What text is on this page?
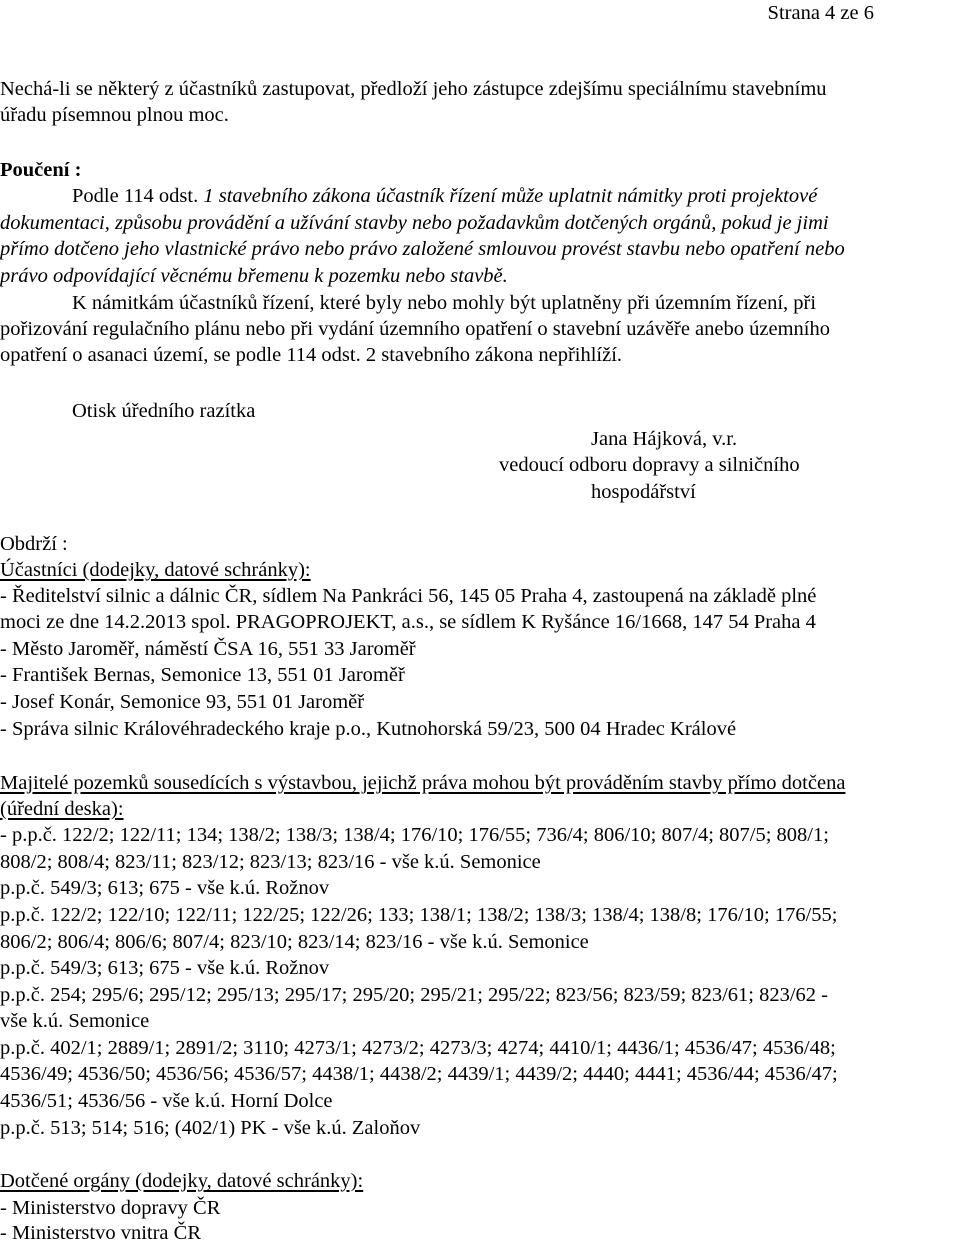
Strana 4 ze 6
Nechá-li se některý z účastníků zastupovat, předloží jeho zástupce zdejšímu speciálnímu stavebnímu
úřadu písemnou plnou moc.
Poučení :
Podle 114 odst. 1 stavebního zákona účastník řízení může uplatnit námitky proti projektové
dokumentaci, způsobu provádění a užívání stavby nebo požadavkům dotčených orgánů, pokud je jimi
přímo dotčeno jeho vlastnické právo nebo právo založené smlouvou provést stavbu nebo opatření nebo
právo odpovídající věcnému břemenu k pozemku nebo stavbě.
K námitkám účastníků řízení, které byly nebo mohly být uplatněny při územním řízení, při
pořizování regulačního plánu nebo při vydání územního opatření o stavební uzávěře anebo územního
opatření o asanaci území, se podle 114 odst. 2 stavebního zákona nepřihlíží.
Otisk úředního razítka
Jana Hájková, v.r.
vedoucí odboru dopravy a silničního
hospodářství
Obdrží :
Účastníci (dodejky, datové schránky):
- Ředitelství silnic a dálnic ČR, sídlem Na Pankráci 56, 145 05 Praha 4, zastoupená na základě plné
moci ze dne 14.2.2013 spol. PRAGOPROJEKT, a.s., se sídlem K Ryšánce 16/1668, 147 54 Praha 4
- Město Jaroměř, náměstí ČSA 16, 551 33 Jaroměř
- František Bernas, Semonice 13, 551 01 Jaroměř
- Josef Konár, Semonice 93, 551 01 Jaroměř
- Správa silnic Královéhradeckého kraje p.o., Kutnohorská 59/23, 500 04 Hradec Králové
Majitelé pozemků sousedících s výstavbou, jejichž práva mohou být prováděním stavby přímo dotčena
(úřední deska):
- p.p.č. 122/2; 122/11; 134; 138/2; 138/3; 138/4; 176/10; 176/55; 736/4; 806/10; 807/4; 807/5; 808/1;
808/2; 808/4; 823/11; 823/12; 823/13; 823/16 - vše k.ú. Semonice
p.p.č. 549/3; 613; 675 - vše k.ú. Rožnov
p.p.č. 122/2; 122/10; 122/11; 122/25; 122/26; 133; 138/1; 138/2; 138/3; 138/4; 138/8; 176/10; 176/55;
806/2; 806/4; 806/6; 807/4; 823/10; 823/14; 823/16 - vše k.ú. Semonice
p.p.č. 549/3; 613; 675 - vše k.ú. Rožnov
p.p.č. 254; 295/6; 295/12; 295/13; 295/17; 295/20; 295/21; 295/22; 823/56; 823/59; 823/61; 823/62 -
vše k.ú. Semonice
p.p.č. 402/1; 2889/1; 2891/2; 3110; 4273/1; 4273/2; 4273/3; 4274; 4410/1; 4436/1; 4536/47; 4536/48;
4536/49; 4536/50; 4536/56; 4536/57; 4438/1; 4438/2; 4439/1; 4439/2; 4440; 4441; 4536/44; 4536/47;
4536/51; 4536/56 - vše k.ú. Horní Dolce
p.p.č. 513; 514; 516; (402/1) PK - vše k.ú. Zaloňov
Dotčené orgány (dodejky, datové schránky):
- Ministerstvo dopravy ČR
- Ministerstvo vnitra ČR
